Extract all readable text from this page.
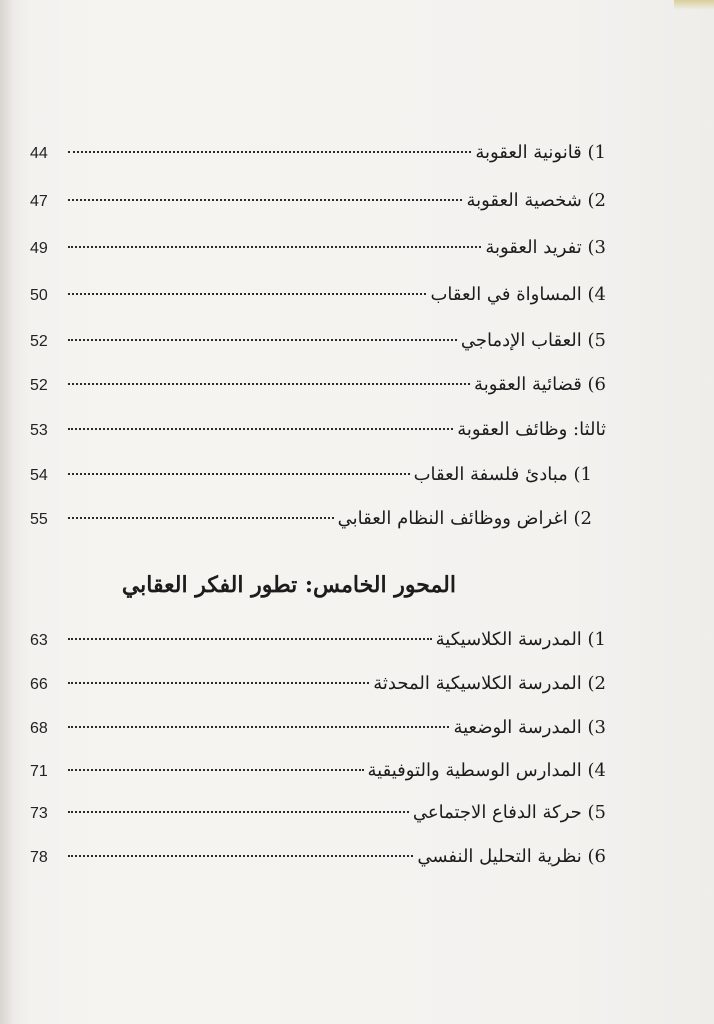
1) قانونية العقوبة
44
2) شخصية العقوبة
47
3) تفريد العقوبة
49
4) المساواة في العقاب
50
5) العقاب الإدماجي
52
6) قضائية العقوبة
52
ثالثا: وظائف العقوبة
53
1) مبادئ فلسفة العقاب
54
2) اغراض ووظائف النظام العقابي
55
1) المدرسة الكلاسيكية
63
2) المدرسة الكلاسيكية المحدثة
66
3) المدرسة الوضعية
68
4) المدارس الوسطية والتوفيقية
71
5) حركة الدفاع الاجتماعي
73
6) نظرية التحليل النفسي
78
المحور الخامس: تطور الفكر العقابي
